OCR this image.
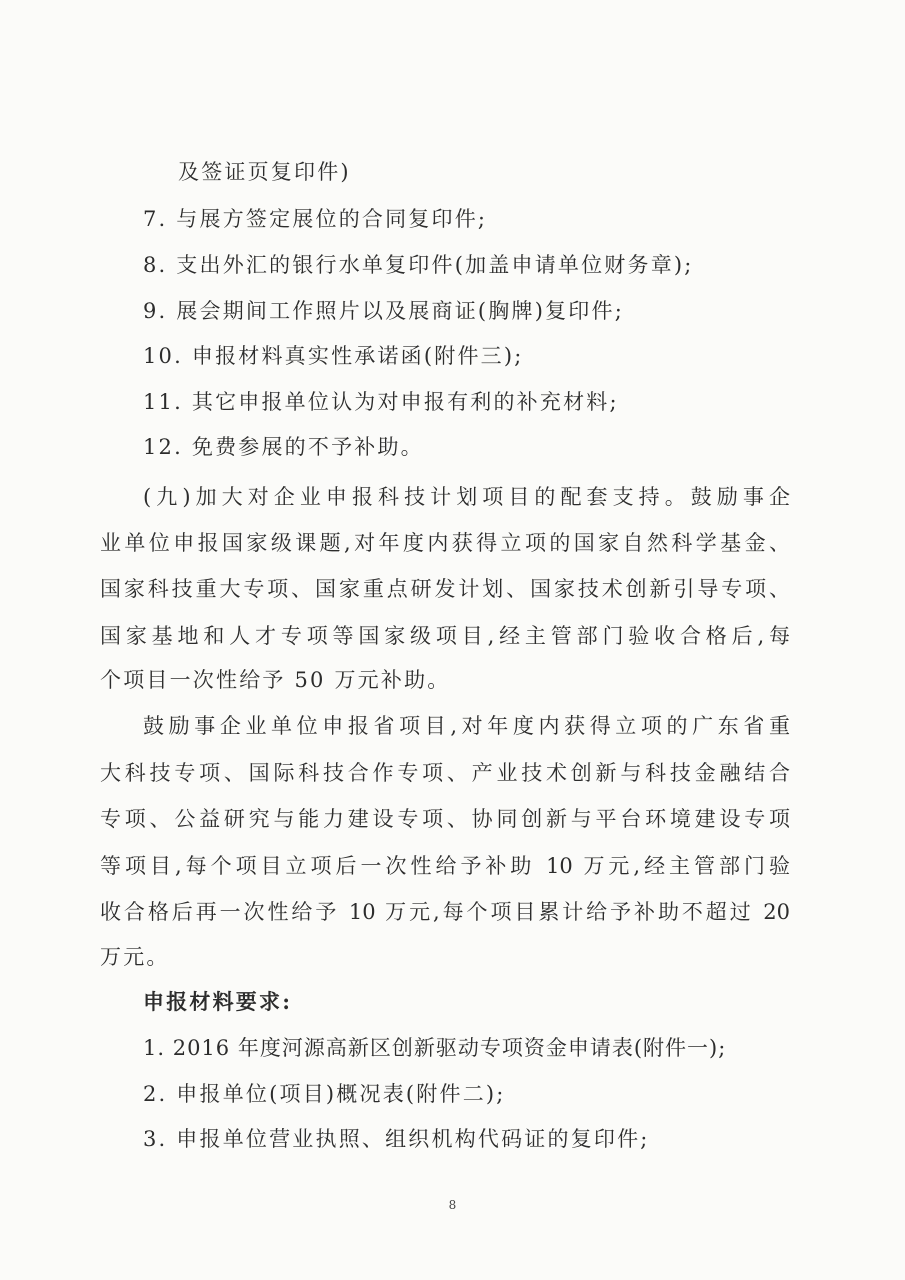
及签证页复印件)
7. 与展方签定展位的合同复印件;
8. 支出外汇的银行水单复印件(加盖申请单位财务章);
9. 展会期间工作照片以及展商证(胸牌)复印件;
10. 申报材料真实性承诺函(附件三);
11. 其它申报单位认为对申报有利的补充材料;
12. 免费参展的不予补助。
(九)加大对企业申报科技计划项目的配套支持。鼓励事企
业单位申报国家级课题,对年度内获得立项的国家自然科学基金、
国家科技重大专项、国家重点研发计划、国家技术创新引导专项、
国家基地和人才专项等国家级项目,经主管部门验收合格后,每
个项目一次性给予 50 万元补助。
鼓励事企业单位申报省项目,对年度内获得立项的广东省重
大科技专项、国际科技合作专项、产业技术创新与科技金融结合
专项、公益研究与能力建设专项、协同创新与平台环境建设专项
等项目,每个项目立项后一次性给予补助 10 万元,经主管部门验
收合格后再一次性给予 10 万元,每个项目累计给予补助不超过 20
万元。
申报材料要求:
1. 2016 年度河源高新区创新驱动专项资金申请表(附件一);
2. 申报单位(项目)概况表(附件二);
3. 申报单位营业执照、组织机构代码证的复印件;
8
